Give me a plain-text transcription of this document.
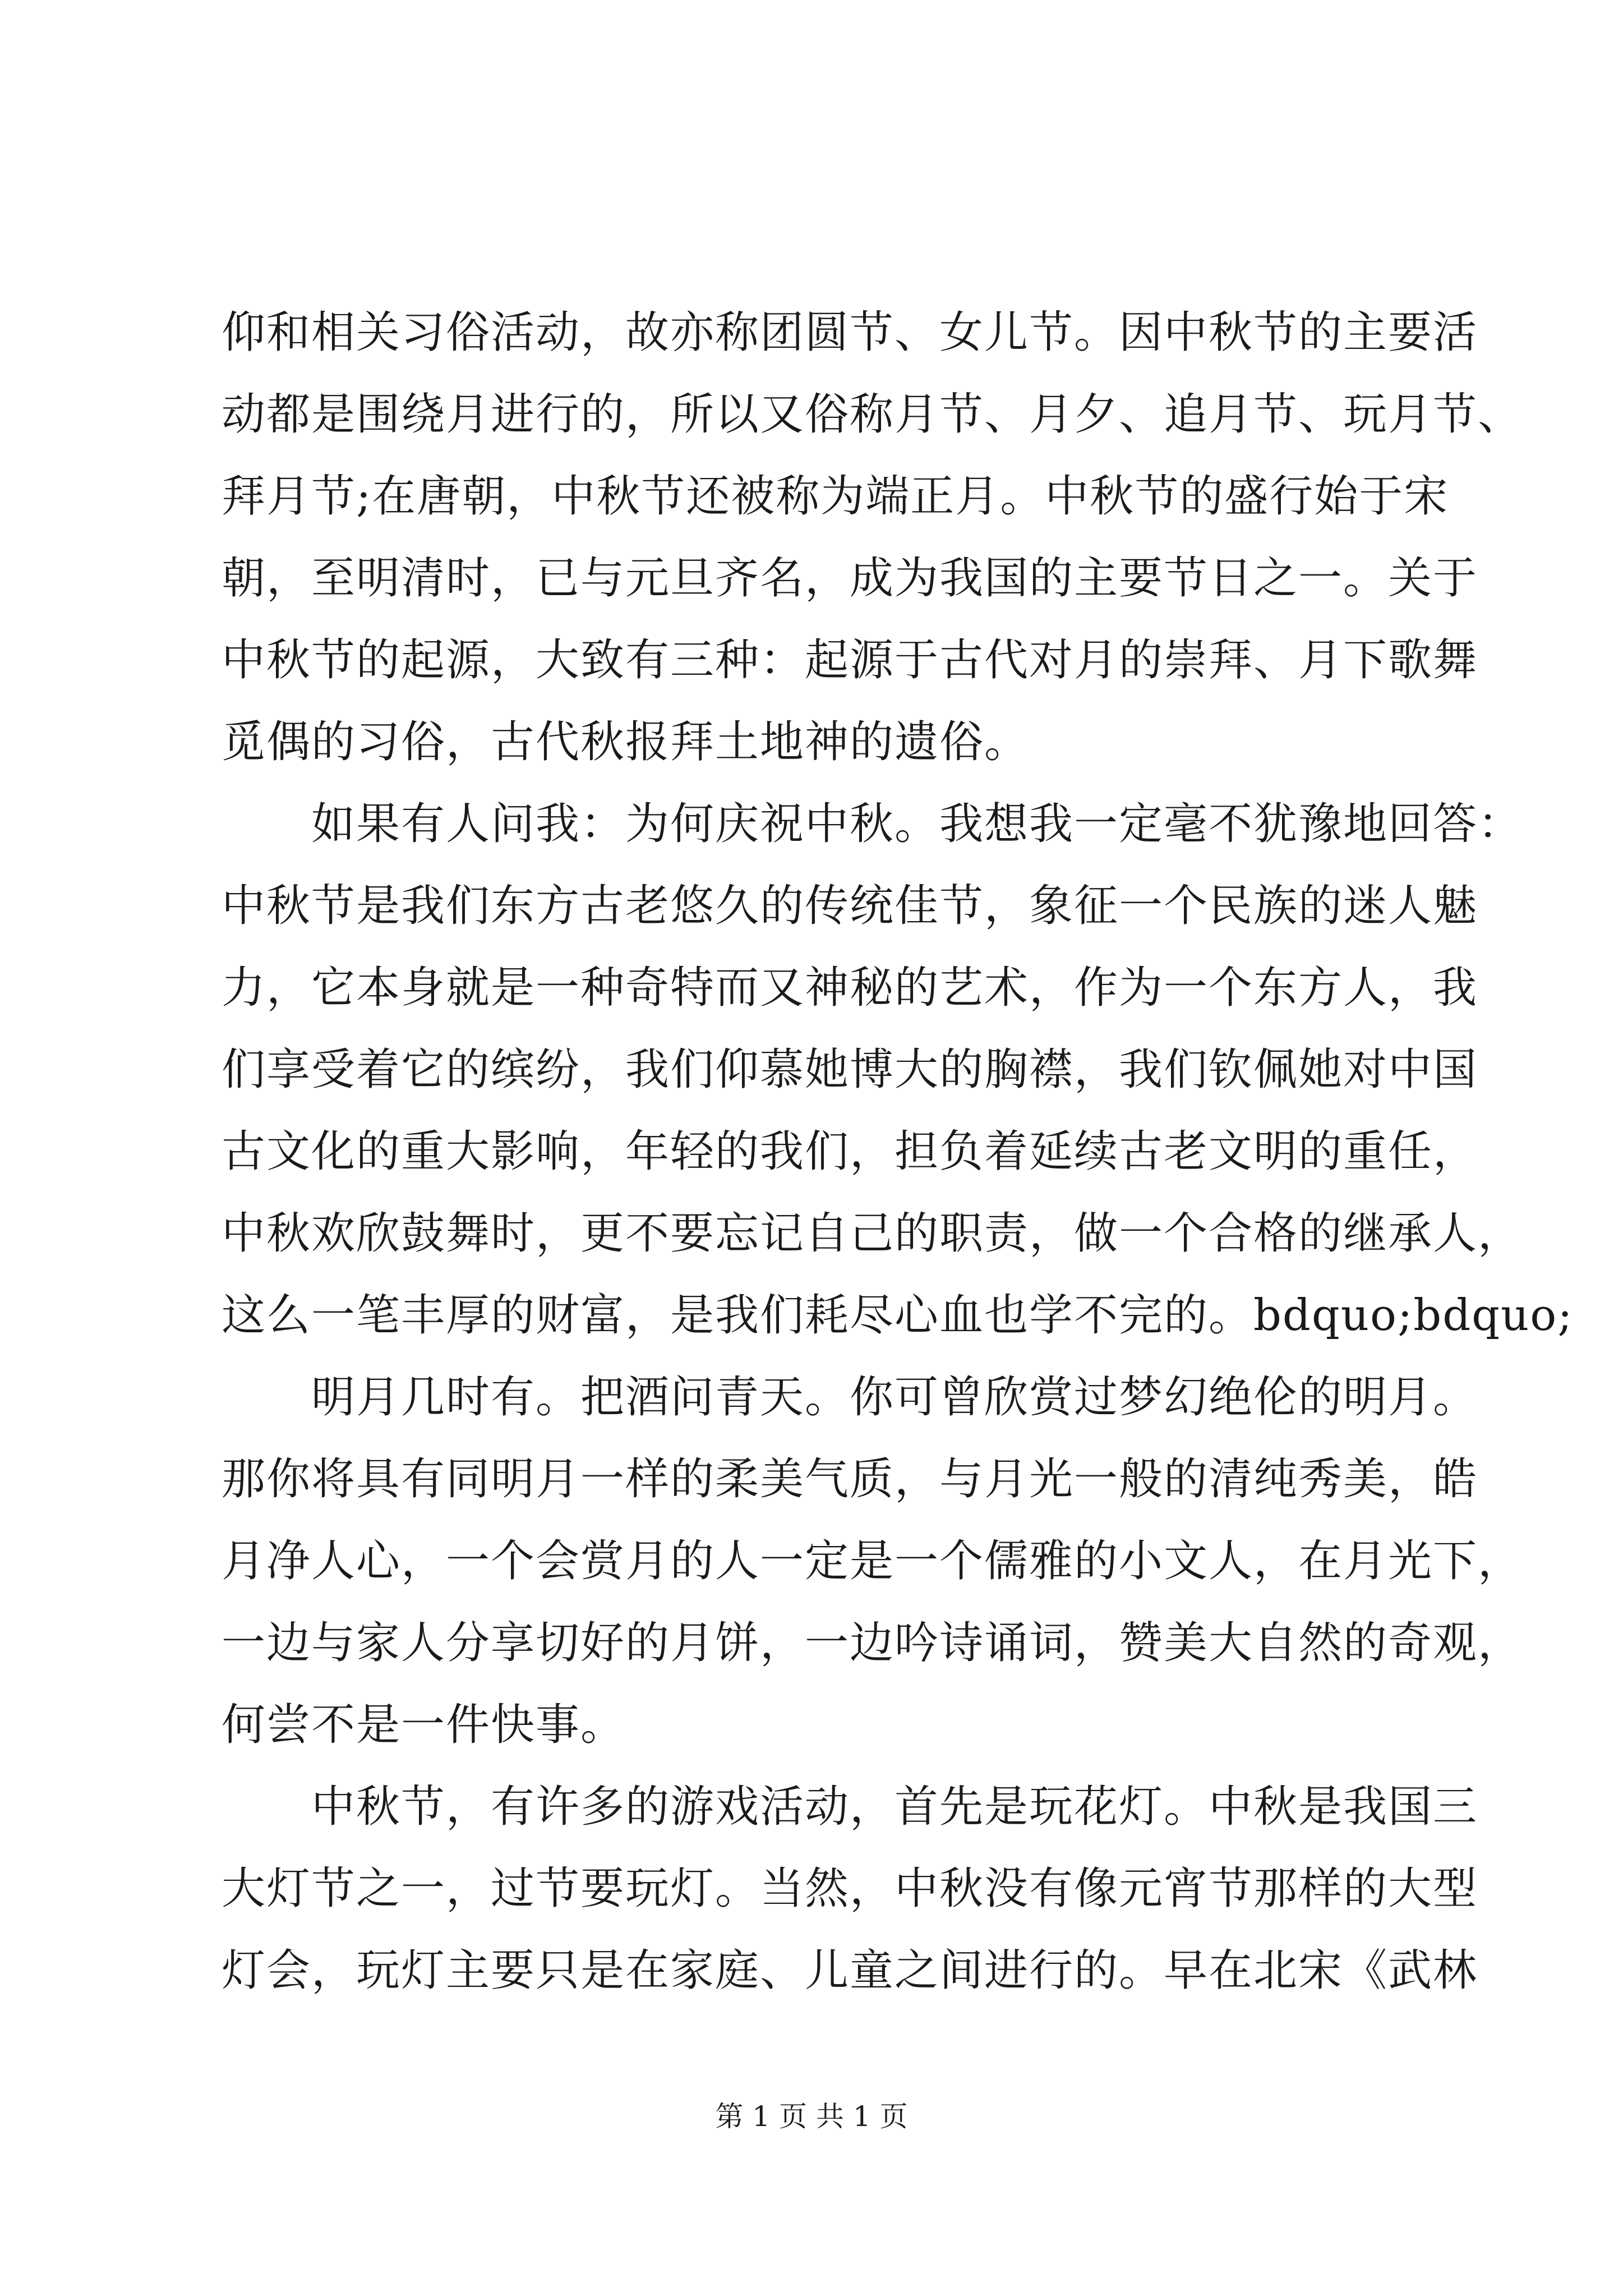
仰和相关习俗活动，故亦称团圆节、女儿节。因中秋节的主要活
动都是围绕月进行的，所以又俗称月节、月夕、追月节、玩月节、
拜月节;在唐朝，中秋节还被称为端正月。中秋节的盛行始于宋
朝，至明清时，已与元旦齐名，成为我国的主要节日之一。关于
中秋节的起源，大致有三种：起源于古代对月的崇拜、月下歌舞
觅偶的习俗，古代秋报拜土地神的遗俗。
如果有人问我：为何庆祝中秋。我想我一定毫不犹豫地回答：
中秋节是我们东方古老悠久的传统佳节，象征一个民族的迷人魅
力，它本身就是一种奇特而又神秘的艺术，作为一个东方人，我
们享受着它的缤纷，我们仰慕她博大的胸襟，我们钦佩她对中国
古文化的重大影响，年轻的我们，担负着延续古老文明的重任，
中秋欢欣鼓舞时，更不要忘记自己的职责，做一个合格的继承人，
这么一笔丰厚的财富，是我们耗尽心血也学不完的。bdquo;bdquo;
明月几时有。把酒问青天。你可曾欣赏过梦幻绝伦的明月。
那你将具有同明月一样的柔美气质，与月光一般的清纯秀美，皓
月净人心，一个会赏月的人一定是一个儒雅的小文人，在月光下，
一边与家人分享切好的月饼，一边吟诗诵词，赞美大自然的奇观，
何尝不是一件快事。
中秋节，有许多的游戏活动，首先是玩花灯。中秋是我国三
大灯节之一，过节要玩灯。当然，中秋没有像元宵节那样的大型
灯会，玩灯主要只是在家庭、儿童之间进行的。早在北宋《武林
第 1 页 共 1 页
